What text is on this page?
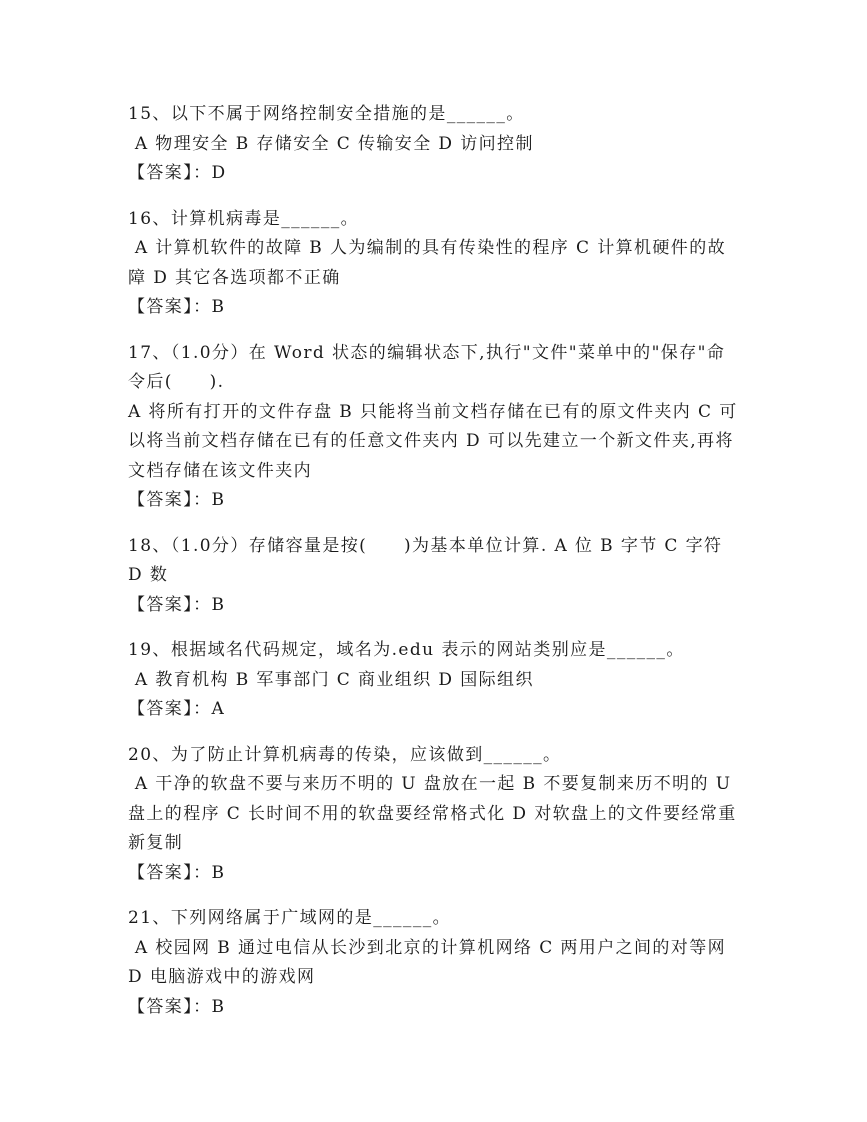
15、以下不属于网络控制安全措施的是______。
A 物理安全 B 存储安全 C 传输安全 D 访问控制
【答案】：D
16、计算机病毒是______。
A 计算机软件的故障 B 人为编制的具有传染性的程序 C 计算机硬件的故障 D 其它各选项都不正确
【答案】：B
17、（1.0分）在 Word 状态的编辑状态下,执行"文件"菜单中的"保存"命令后(　　).
A 将所有打开的文件存盘 B 只能将当前文档存储在已有的原文件夹内 C 可以将当前文档存储在已有的任意文件夹内 D 可以先建立一个新文件夹,再将文档存储在该文件夹内
【答案】：B
18、（1.0分）存储容量是按(　　)为基本单位计算. A 位 B 字节 C 字符 D 数
【答案】：B
19、根据域名代码规定，域名为.edu 表示的网站类别应是______。
A 教育机构 B 军事部门 C 商业组织 D 国际组织
【答案】：A
20、为了防止计算机病毒的传染，应该做到______。
A 干净的软盘不要与来历不明的 U 盘放在一起 B 不要复制来历不明的 U 盘上的程序 C 长时间不用的软盘要经常格式化 D 对软盘上的文件要经常重新复制
【答案】：B
21、下列网络属于广域网的是______。
A 校园网 B 通过电信从长沙到北京的计算机网络 C 两用户之间的对等网 D 电脑游戏中的游戏网
【答案】：B
